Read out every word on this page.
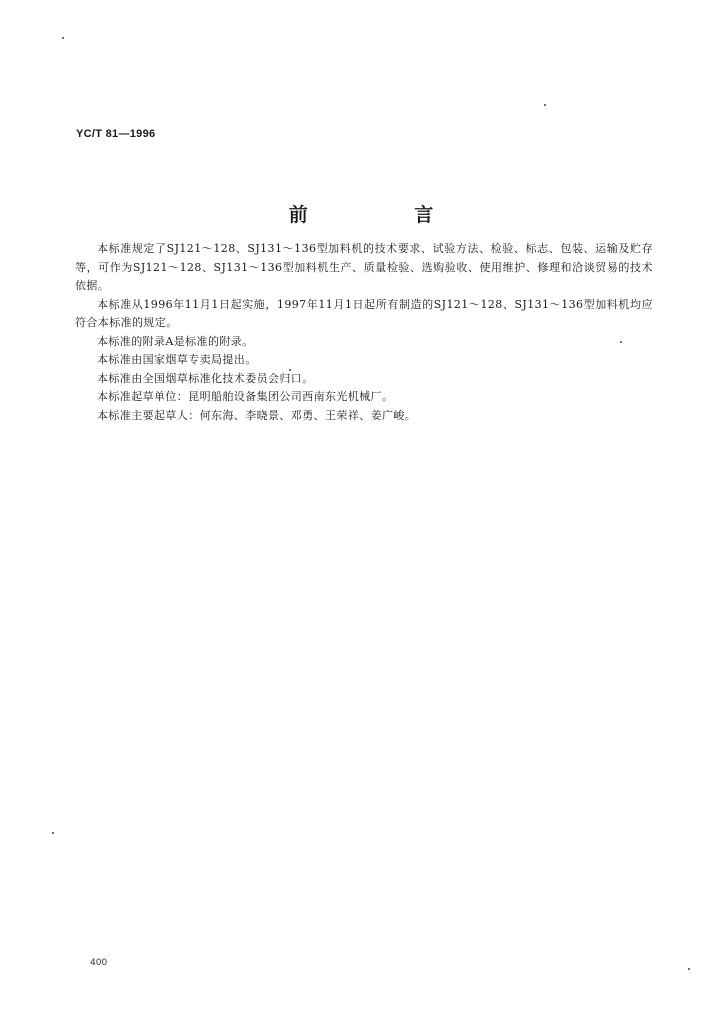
YC/T 81—1996
前 言

本标准规定了SJ121～128、SJ131～136型加料机的技术要求、试验方法、检验、标志、包装、运输及贮存等，可作为SJ121～128、SJ131～136型加料机生产、质量检验、选购验收、使用维护、修理和洽谈贸易的技术依据。

本标准从1996年11月1日起实施，1997年11月1日起所有制造的SJ121～128、SJ131～136型加料机均应符合本标准的规定。

本标准的附录A是标准的附录。

本标准由国家烟草专卖局提出。

本标准由全国烟草标准化技术委员会归口。

本标准起草单位：昆明船舶设备集团公司西南东光机械厂。

本标准主要起草人：何东海、李晓景、邓勇、王荣祥、姜广峻。

400
